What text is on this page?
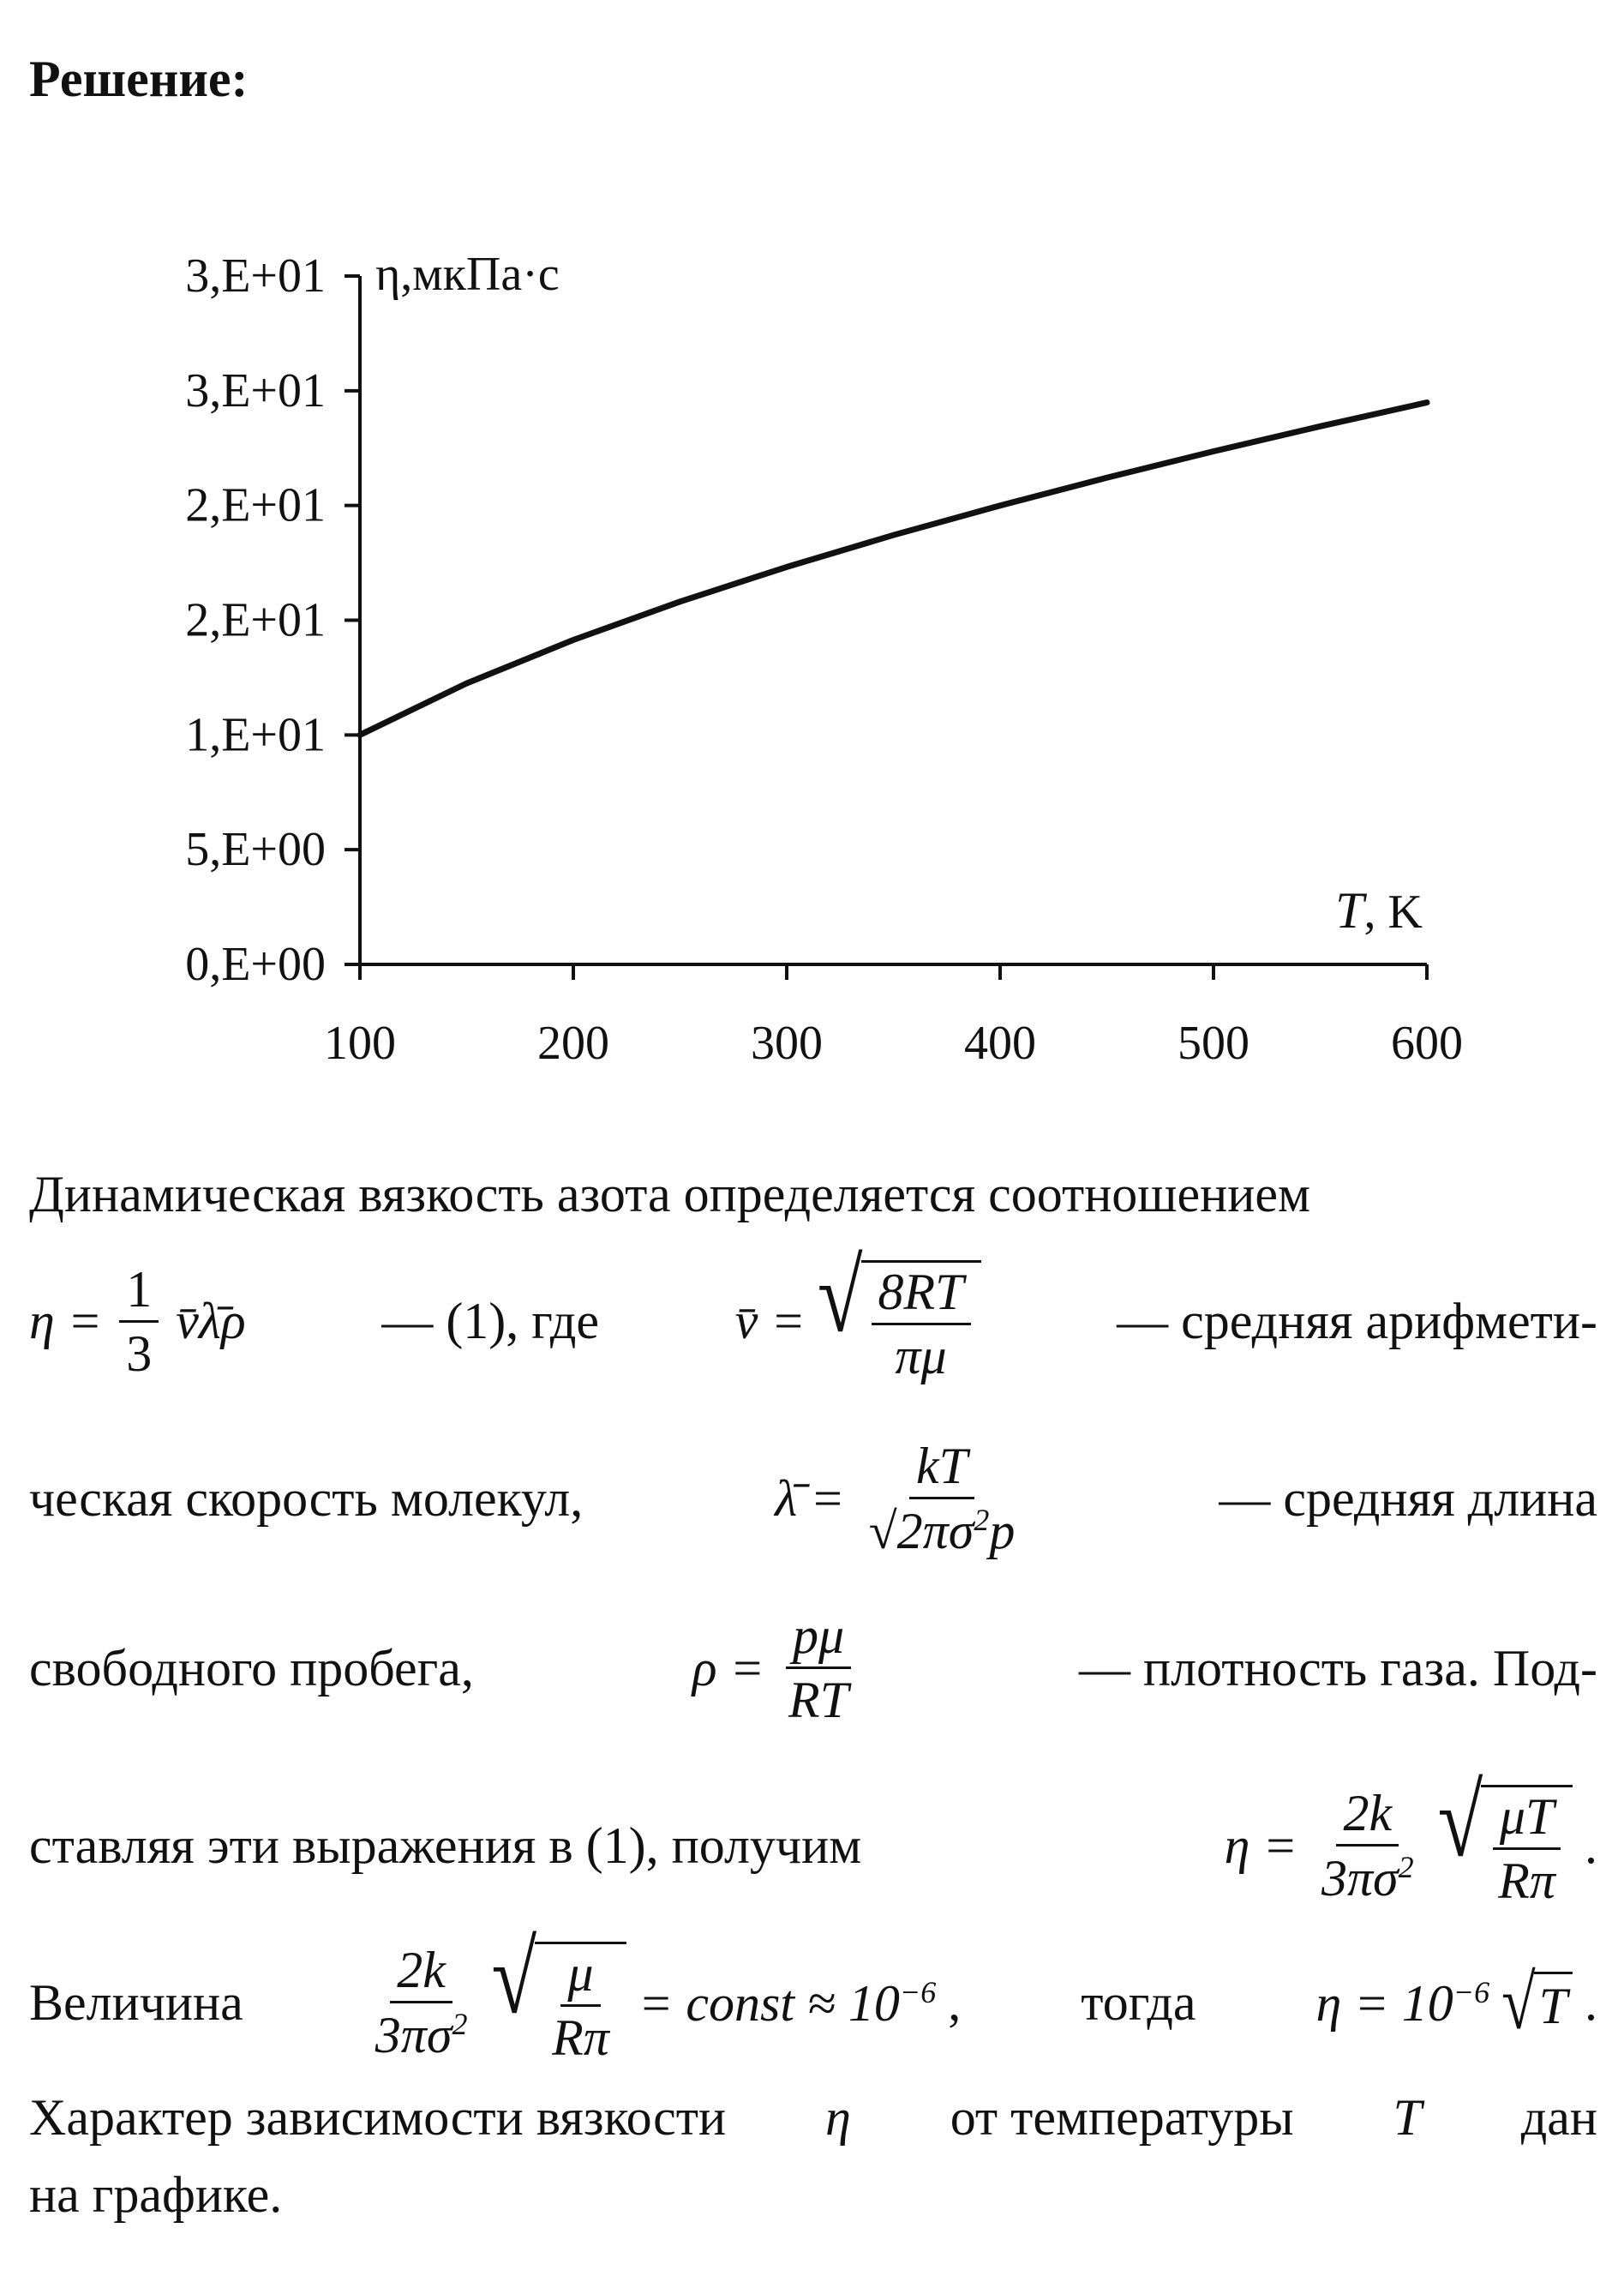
Решение:
0,E+00
5,E+00
1,E+01
2,E+01
2,E+01
3,E+01
3,E+01
100	200	300	400	500	600
η,мкПа·с
T, K
Динамическая вязкость азота определяется соотношением
$\eta = \frac{1}{3}$ v̄λ̄ρ	— (1), где	v̄ = √ $\frac{8RT}{\pi\mu}$	— средняя арифмети-
ческая скорость молекул,	λ̄ = $\frac{kT}{√2\pi\sigma^2p}$	— средняя длина
свободного пробега,	$\rho = \frac{p\mu}{RT}$	— плотность газа. Под-
ставляя эти выражения в (1), получим	$\eta = \frac{2k}{3\pi\sigma^2}$ √ $\frac{\mu T}{R\pi}$ .
Величина $\frac{2k}{3\pi\sigma^2}$ √ $\frac{\mu}{R\pi}$ = const ≈ $10^{-6}$ , тогда $\eta = 10^{-6}$ √ T .
Характер зависимости вязкости η от температуры T дан
на графике.
